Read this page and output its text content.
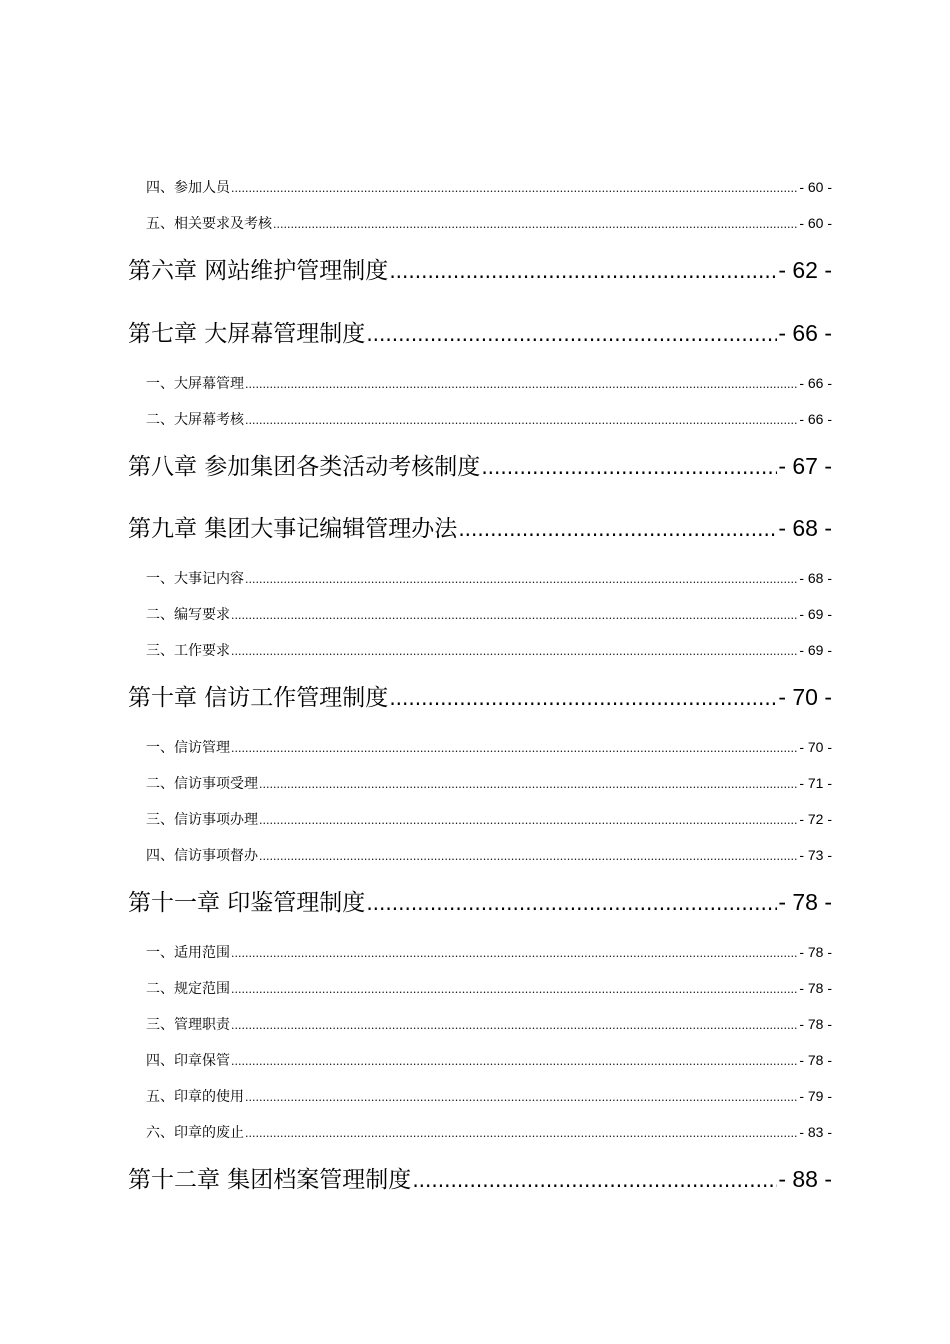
四、参加人员 .....	- 60 -
五、相关要求及考核 .....	- 60 -
第六章 网站维护管理制度 .....	- 62 -
第七章 大屏幕管理制度 .....	- 66 -
一、大屏幕管理 .....	- 66 -
二、大屏幕考核 .....	- 66 -
第八章 参加集团各类活动考核制度 .....	- 67 -
第九章 集团大事记编辑管理办法 .....	- 68 -
一、大事记内容 .....	- 68 -
二、编写要求 .....	- 69 -
三、工作要求 .....	- 69 -
第十章 信访工作管理制度 .....	- 70 -
一、信访管理 .....	- 70 -
二、信访事项受理 .....	- 71 -
三、信访事项办理 .....	- 72 -
四、信访事项督办 .....	- 73 -
第十一章 印鉴管理制度 .....	- 78 -
一、适用范围 .....	- 78 -
二、规定范围 .....	- 78 -
三、管理职责 .....	- 78 -
四、印章保管 .....	- 78 -
五、印章的使用 .....	- 79 -
六、印章的废止 .....	- 83 -
第十二章 集团档案管理制度 .....	- 88 -
